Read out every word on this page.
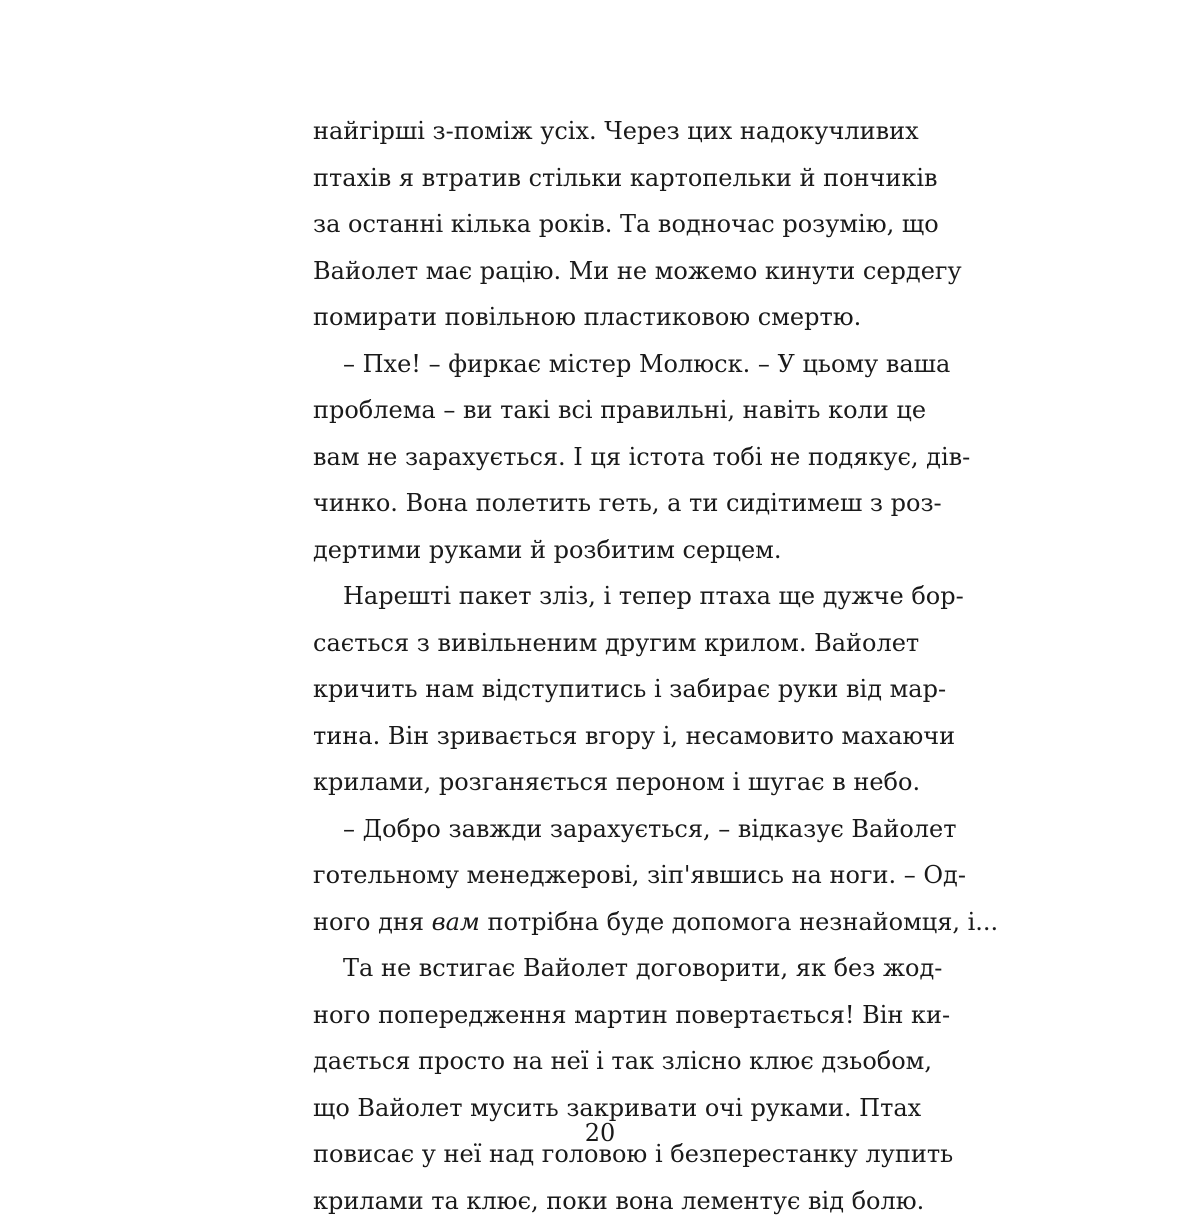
найгірші з-поміж усіх. Через цих надокучливих
птахів я втратив стільки картопельки й пончиків
за останні кілька років. Та водночас розумію, що
Вайолет має рацію. Ми не можемо кинути сердегу
помирати повільною пластиковою смертю.
– Пхе! – фиркає містер Молюск. – У цьому ваша
проблема – ви такі всі правильні, навіть коли це
вам не зарахується. І ця істота тобі не подякує, дів-
чинко. Вона полетить геть, а ти сидітимеш з роз-
дертими руками й розбитим серцем.
Нарешті пакет зліз, і тепер птаха ще дужче бор-
сається з вивільненим другим крилом. Вайолет
кричить нам відступитись і забирає руки від мар-
тина. Він зривається вгору і, несамовито махаючи
крилами, розганяється пероном і шугає в небо.
– Добро завжди зарахується, – відказує Вайолет
готельному менеджерові, зіп'явшись на ноги. – Од-
ного дня вам потрібна буде допомога незнайомця, і...
Та не встигає Вайолет договорити, як без жод-
ного попередження мартин повертається! Він ки-
дається просто на неї і так злісно клює дзьобом,
що Вайолет мусить закривати очі руками. Птах
повисає у неї над головою і безперестанку лупить
крилами та клює, поки вона лементує від болю.
20
